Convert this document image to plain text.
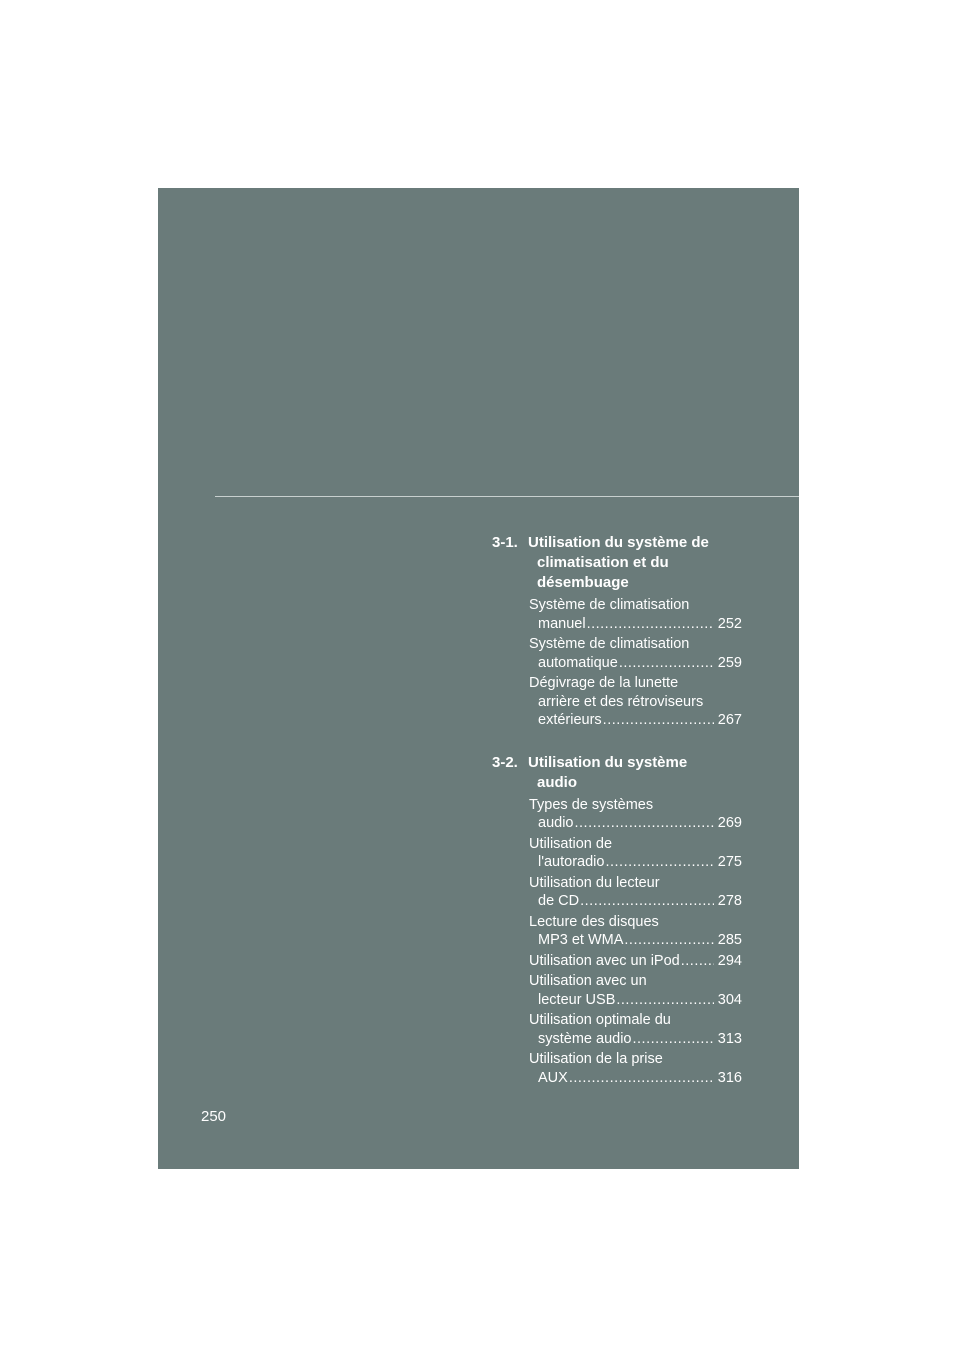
3-1. Utilisation du système de
climatisation et du
désembuage
Système de climatisation
manuel .....	252
Système de climatisation
automatique .....	259
Dégivrage de la lunette
arrière et des rétroviseurs
extérieurs .....	267
3-2. Utilisation du système
audio
Types de systèmes
audio .....	269
Utilisation de
l'autoradio .....	275
Utilisation du lecteur
de CD .....	278
Lecture des disques
MP3 et WMA .....	285
Utilisation avec un iPod .....	294
Utilisation avec un
lecteur USB .....	304
Utilisation optimale du
système audio .....	313
Utilisation de la prise
AUX .....	316
250
